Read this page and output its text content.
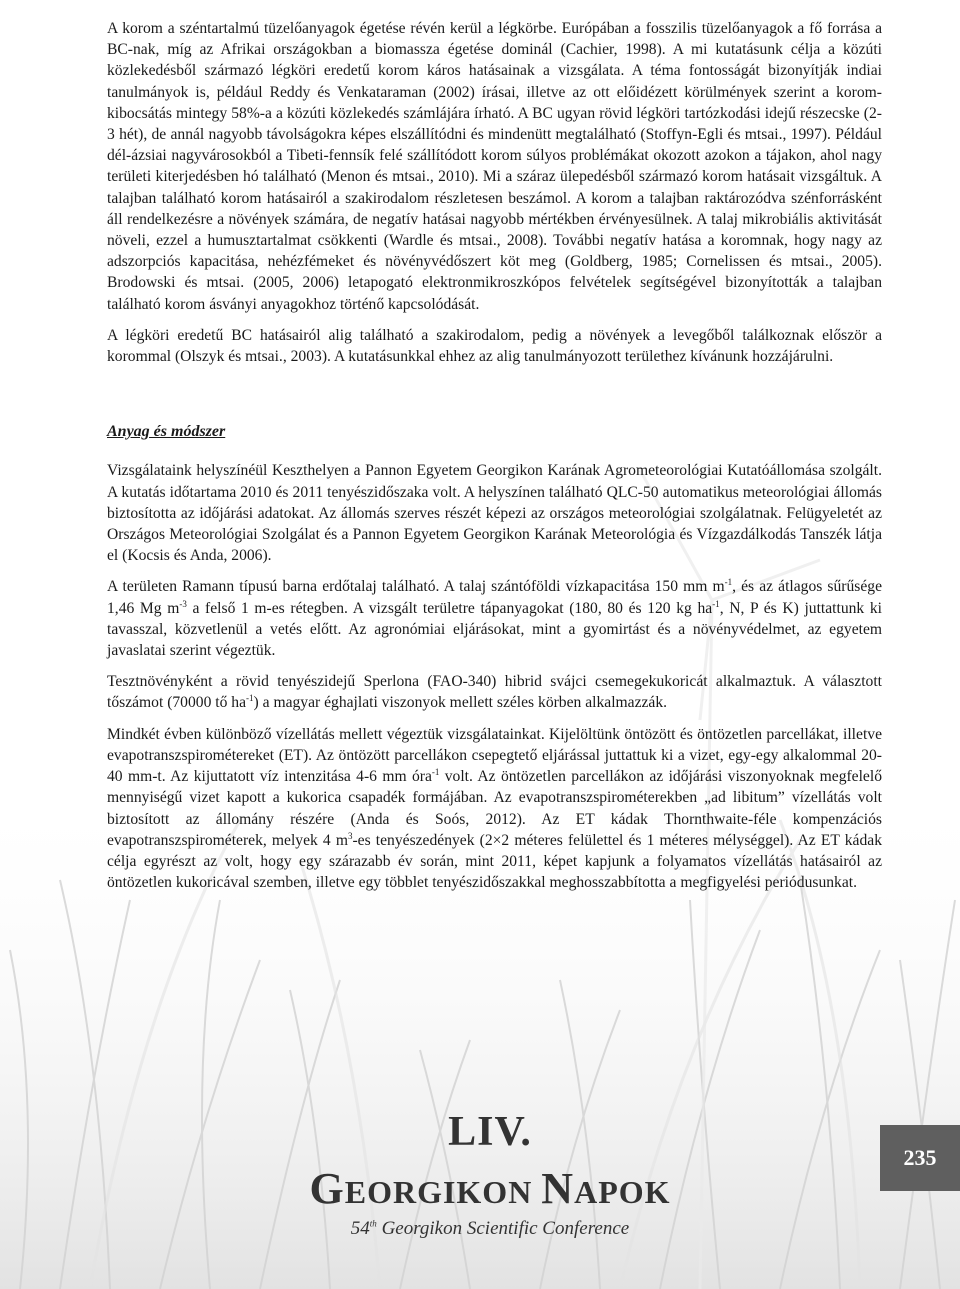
A korom a széntartalmú tüzelőanyagok égetése révén kerül a légkörbe. Európában a fosszilis tüzelőanyagok a fő forrása a BC-nak, míg az Afrikai országokban a biomassza égetése dominál (Cachier, 1998). A mi kutatásunk célja a közúti közlekedésből származó légköri eredetű korom káros hatásainak a vizsgálata. A téma fontosságát bizonyítják indiai tanulmányok is, például Reddy és Venkataraman (2002) írásai, illetve az ott előidézett körülmények szerint a korom-kibocsátás mintegy 58%-a a közúti közlekedés számlájára írható. A BC ugyan rövid légköri tartózkodási idejű részecske (2-3 hét), de annál nagyobb távolságokra képes elszállítódni és mindenütt megtalálható (Stoffyn-Egli és mtsai., 1997). Például dél-ázsiai nagyvárosokból a Tibeti-fennsík felé szállítódott korom súlyos problémákat okozott azokon a tájakon, ahol nagy területi kiterjedésben hó található (Menon és mtsai., 2010). Mi a száraz ülepedésből származó korom hatásait vizsgáltuk. A talajban található korom hatásairól a szakirodalom részletesen beszámol. A korom a talajban raktározódva szénforrásként áll rendelkezésre a növények számára, de negatív hatásai nagyobb mértékben érvényesülnek. A talaj mikrobiális aktivitását növeli, ezzel a humusztartalmat csökkenti (Wardle és mtsai., 2008). További negatív hatása a koromnak, hogy nagy az adszorpciós kapacitása, nehézfémeket és növényvédőszert köt meg (Goldberg, 1985; Cornelissen és mtsai., 2005). Brodowski és mtsai. (2005, 2006) letapogató elektronmikroszkópos felvételek segítségével bizonyították a talajban található korom ásványi anyagokhoz történő kapcsolódását.

A légköri eredetű BC hatásairól alig található a szakirodalom, pedig a növények a levegőből találkoznak először a korommal (Olszyk és mtsai., 2003). A kutatásunkkal ehhez az alig tanulmányozott területhez kívánunk hozzájárulni.

Anyag és módszer

Vizsgálataink helyszínéül Keszthelyen a Pannon Egyetem Georgikon Karának Agrometeorológiai Kutatóállomása szolgált. A kutatás időtartama 2010 és 2011 tenyészidőszaka volt. A helyszínen található QLC-50 automatikus meteorológiai állomás biztosította az időjárási adatokat. Az állomás szerves részét képezi az országos meteorológiai szolgálatnak. Felügyeletét az Országos Meteorológiai Szolgálat és a Pannon Egyetem Georgikon Karának Meteorológia és Vízgazdálkodás Tanszék látja el (Kocsis és Anda, 2006).

A területen Ramann típusú barna erdőtalaj található. A talaj szántóföldi vízkapacitása 150 mm $m^{-1}$, és az átlagos sűrűsége 1,46 Mg $m^{-3}$ a felső 1 m-es rétegben. A vizsgált területre tápanyagokat (180, 80 és 120 kg $ha^{-1}$, N, P és K) juttattunk ki tavasszal, közvetlenül a vetés előtt. Az agronómiai eljárásokat, mint a gyomirtást és a növényvédelmet, az egyetem javaslatai szerint végeztük.

Tesztnövényként a rövid tenyészidejű Sperlona (FAO-340) hibrid svájci csemegekukoricát alkalmaztuk. A választott tőszámot (70000 tő $ha^{-1}$) a magyar éghajlati viszonyok mellett széles körben alkalmazzák.

Mindkét évben különböző vízellátás mellett végeztük vizsgálatainkat. Kijelöltünk öntözött és öntözetlen parcellákat, illetve evapotranszspirométereket (ET). Az öntözött parcellákon csepegtető eljárással juttattuk ki a vizet, egy-egy alkalommal 20-40 mm-t. Az kijuttatott víz intenzitása 4-6 mm óra$^{-1}$ volt. Az öntözetlen parcellákon az időjárási viszonyoknak megfelelő mennyiségű vizet kapott a kukorica csapadék formájában. Az evapotranszspirométerekben „ad libitum” vízellátás volt biztosított az állomány részére (Anda és Soós, 2012). Az ET kádak Thornthwaite-féle kompenzációs evapotranszspirométerek, melyek 4 $m^3-es$ tenyészedények (2×2 méteres felülettel és 1 méteres mélységgel). Az ET kádak célja egyrészt az volt, hogy egy szárazabb év során, mint 2011, képet kapjunk a folyamatos vízellátás hatásairól az öntözetlen kukoricával szemben, illetve egy többlet tenyészidőszakkal meghosszabbította a megfigyelési periódusunkat.

LIV.
GEORGIKON NAPOK
54th Georgikon Scientific Conference
235
